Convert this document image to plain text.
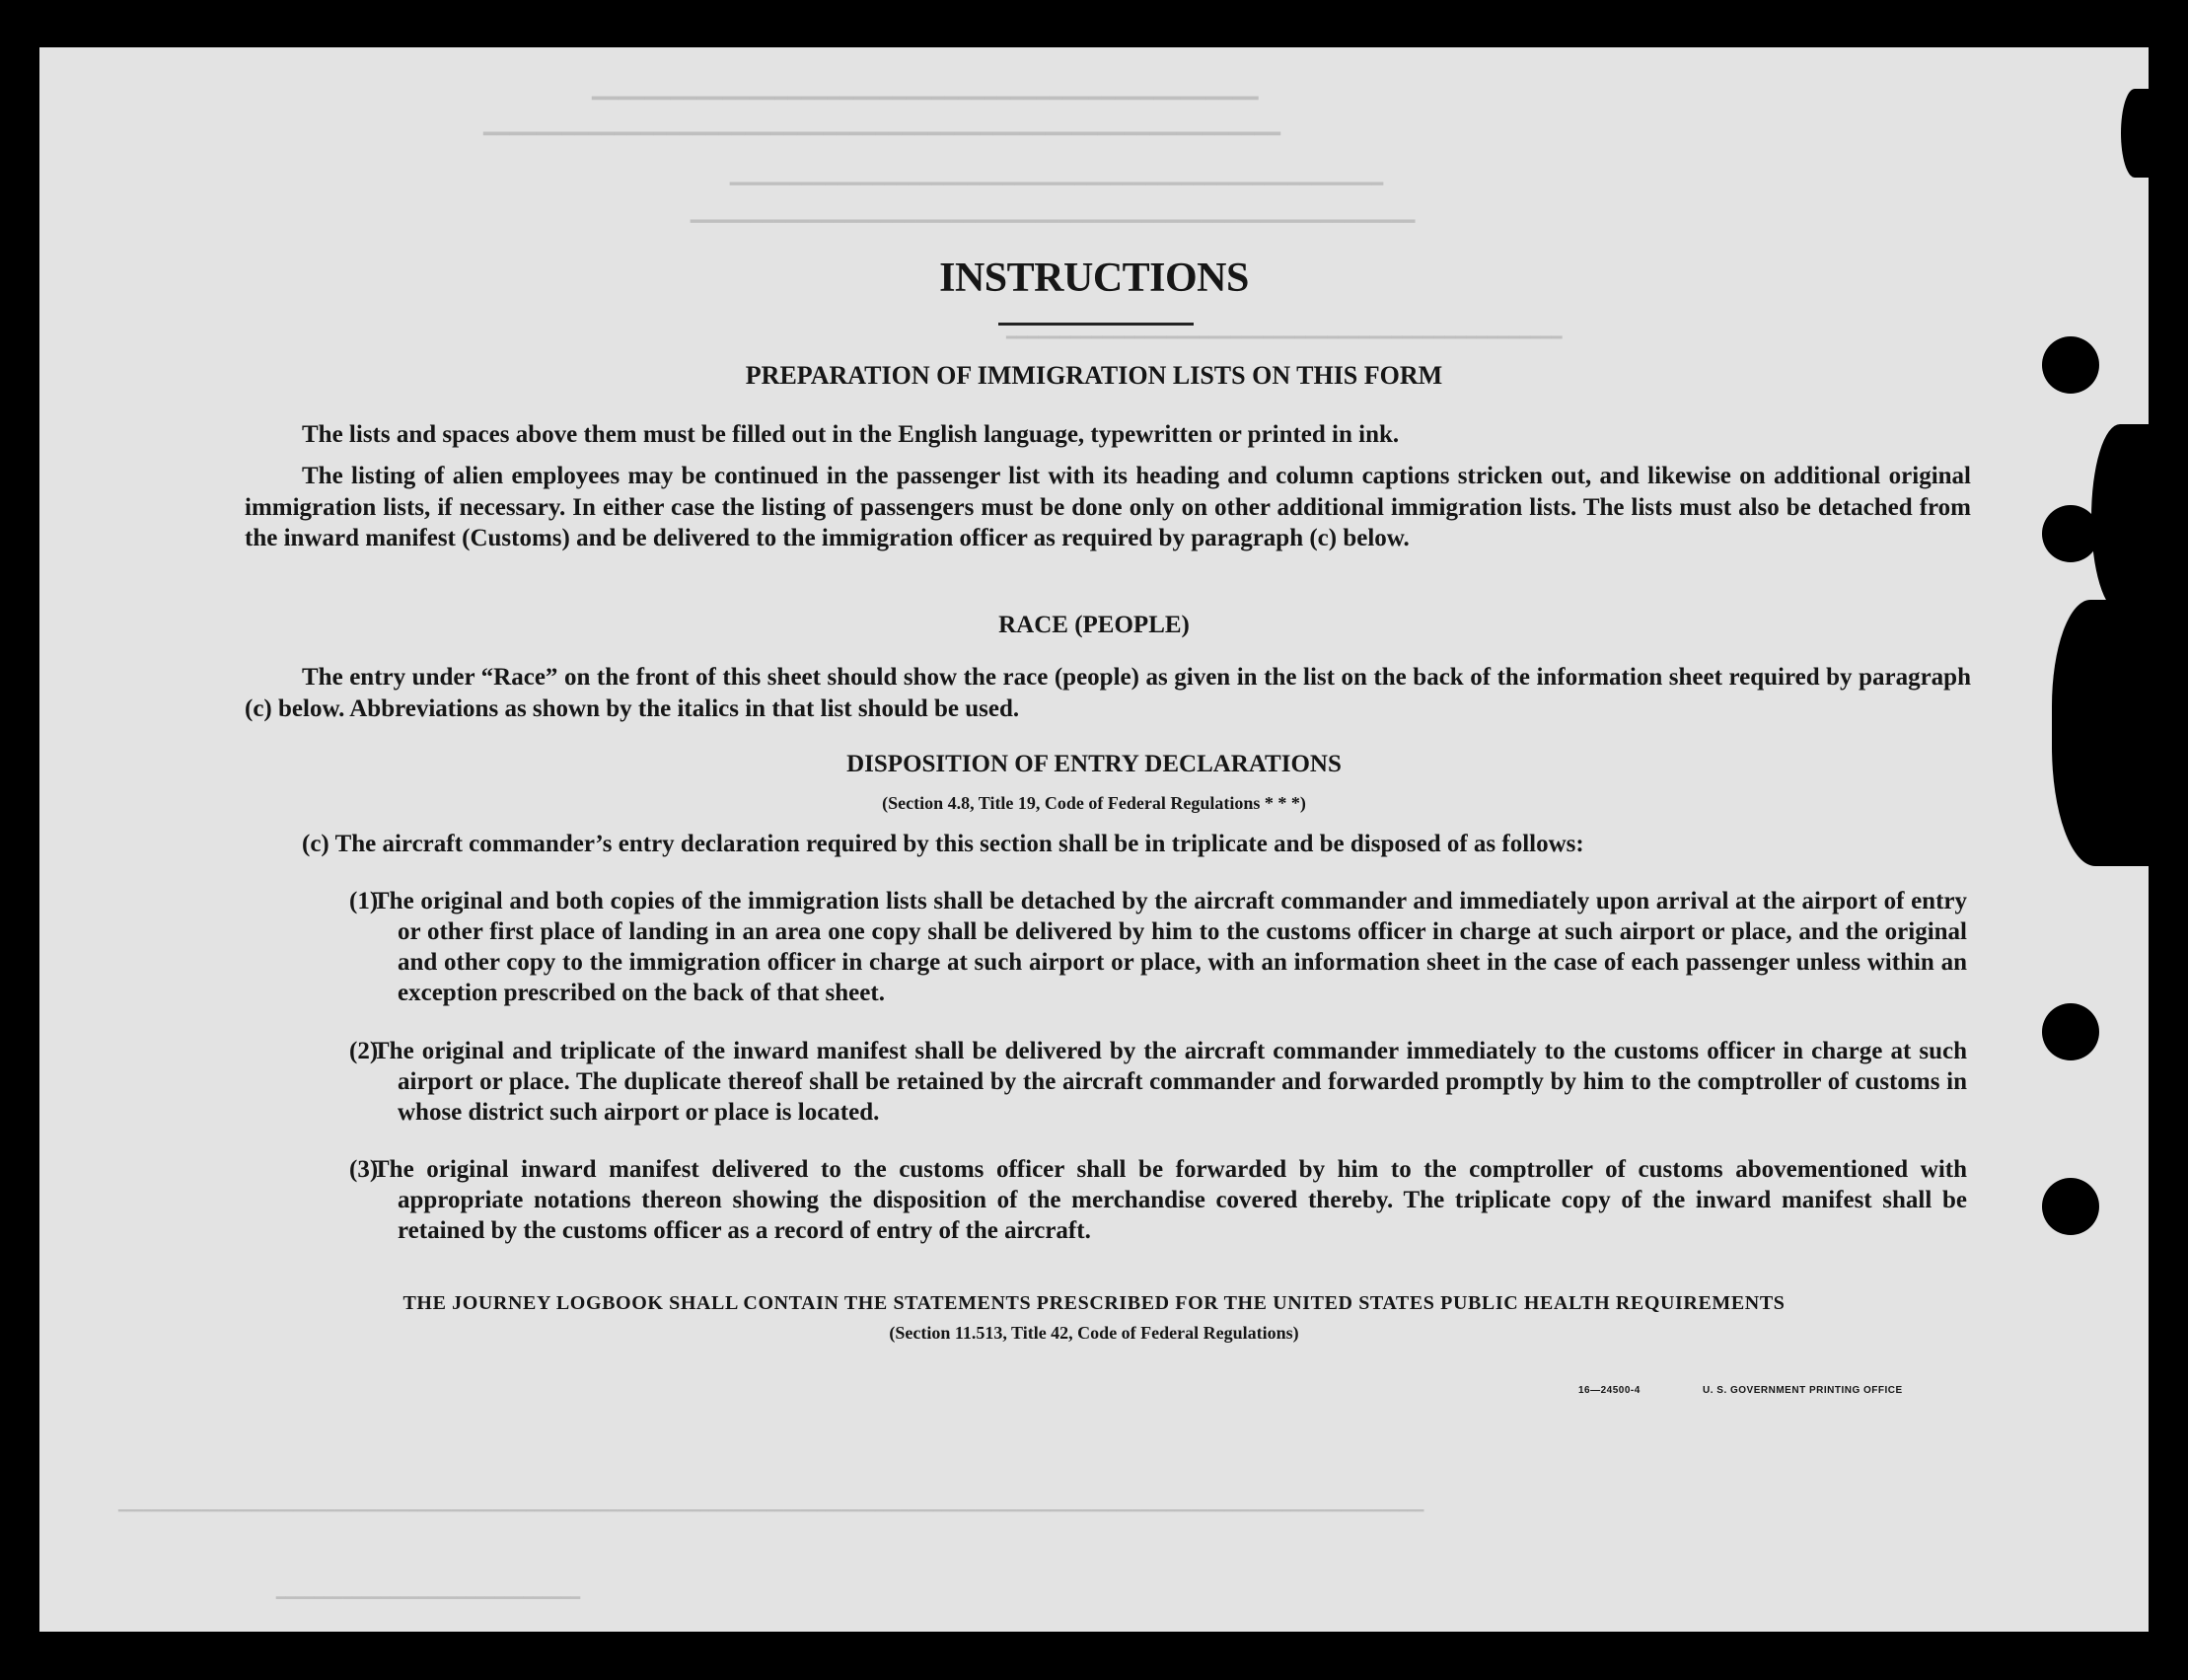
━━━━━━━━━━━━━━━━━━━━━━━━━━━━━━━━━━━━━━━━━━━━━━━━━━━
━━━━━━━━━━━━━━━━━━━━━━━━━━━━━━━━━━━━━━━━━━━━━━━━━━━━━━━━━━━━━
━━━━━━━━━━━━━━━━━━━━━━━━━━━━━━━━━━━━━━━━━━━━━━━━━━━━━━━
━━━━━━━━━━━━━━━━━━━━━━━━━━━━━━━━━━━━━━━━━━━━━━━━━━━━━━━━━━━━━
━━━━━━━━━━━━━━━━━━━━━━━━━━━━━━━━━━━━━━━━━━━━━━━━━━━━
━━━━━━━━━━━━━━━━━━━━━━━━━━━━━━━━━━━━━━━━━━━━━━━━━━━━━━━━━━━━━━━━━━━━━━━━━━━━━━━━━━━━━━━━━━━━━━━━━━━━━━━━━━━━━━━━━━━━━━━━━━━━━━━━━━━━━━━━━━━━━━━━━━━━━━━━━━━━━
━━━━━━━━━━━━━━━━━━━━━━━━━━━━━━━━
INSTRUCTIONS
PREPARATION OF IMMIGRATION LISTS ON THIS FORM
The lists and spaces above them must be filled out in the English language, typewritten or printed in ink.
The listing of alien employees may be continued in the passenger list with its heading and column captions stricken out, and likewise on additional original immigration lists, if necessary. In either case the listing of passengers must be done only on other additional immigration lists. The lists must also be detached from the inward manifest (Customs) and be delivered to the immigration officer as required by paragraph (c) below.
RACE (PEOPLE)
The entry under “Race” on the front of this sheet should show the race (people) as given in the list on the back of the information sheet required by paragraph (c) below. Abbreviations as shown by the italics in that list should be used.
DISPOSITION OF ENTRY DECLARATIONS
(Section 4.8, Title 19, Code of Federal Regulations * * *)
(c) The aircraft commander’s entry declaration required by this section shall be in triplicate and be disposed of as follows:
(1)
The original and both copies of the immigration lists shall be detached by the aircraft commander and immediately upon arrival at the airport of entry or other first place of landing in an area one copy shall be delivered by him to the customs officer in charge at such airport or place, and the original and other copy to the immigration officer in charge at such airport or place, with an information sheet in the case of each passenger unless within an exception prescribed on the back of that sheet.
(2)
The original and triplicate of the inward manifest shall be delivered by the aircraft commander immediately to the customs officer in charge at such airport or place. The duplicate thereof shall be retained by the aircraft commander and forwarded promptly by him to the comptroller of customs in whose district such airport or place is located.
(3)
The original inward manifest delivered to the customs officer shall be forwarded by him to the comptroller of customs abovementioned with appropriate notations thereon showing the disposition of the merchandise covered thereby. The triplicate copy of the inward manifest shall be retained by the customs officer as a record of entry of the aircraft.
THE JOURNEY LOGBOOK SHALL CONTAIN THE STATEMENTS PRESCRIBED FOR THE UNITED STATES PUBLIC HEALTH REQUIREMENTS
(Section 11.513, Title 42, Code of Federal Regulations)
16—24500-4	U. S. GOVERNMENT PRINTING OFFICE
